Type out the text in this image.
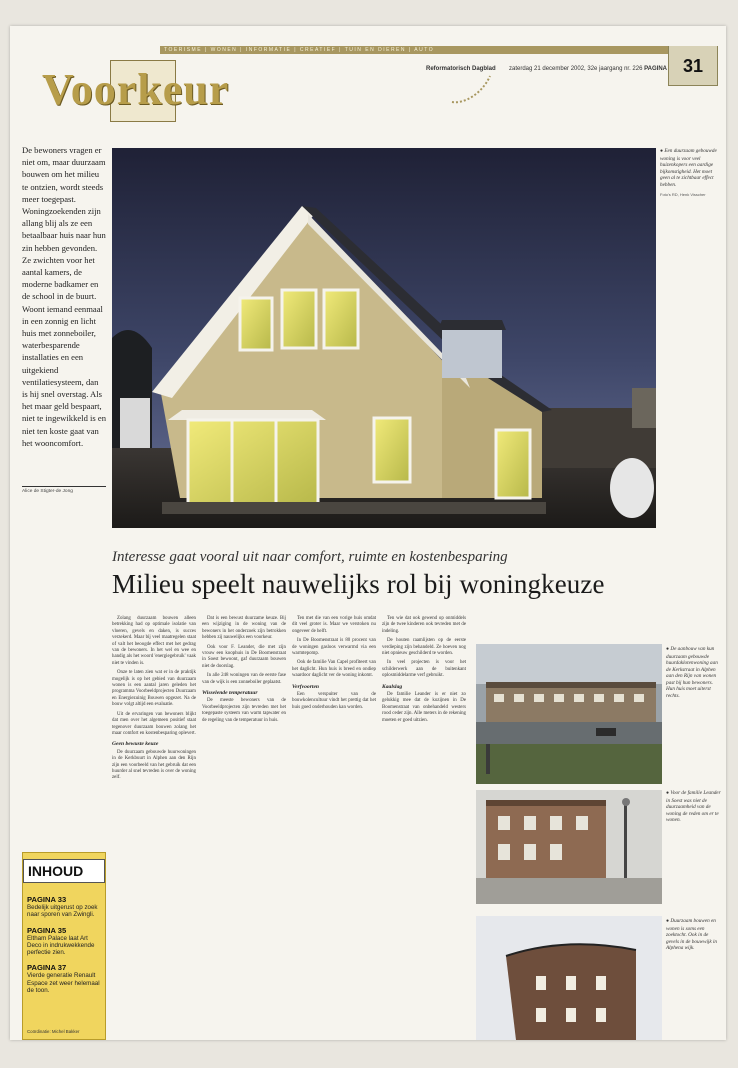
Voorkeur
TOERISME | WONEN | INFORMATIE | CREATIEF | TUIN EN DIEREN | AUTO
Reformatorisch Dagblad zaterdag 21 december 2002, 32e jaargang nr. 226 PAGINA 31
De bewoners vragen er niet om, maar duurzaam bouwen om het milieu te ontzien, wordt steeds meer toegepast. Woningzoekenden zijn allang blij als ze een betaalbaar huis naar hun zin hebben gevonden. Ze zwichten voor het aantal kamers, de moderne badkamer en de school in de buurt. Woont iemand eenmaal in een zonnig en licht huis met zonneboiler, waterbesparende installaties en een uitgekiend ventilatiesysteem, dan is hij snel overstag. Als het maar geld bespaart, niet te ingewikkeld is en niet ten koste gaat van het wooncomfort.
Alice de Stigter-de Jong
● Een duurzaam gebouwde woning is voor veel huizenkopers een aardige bijkomstigheid. Het moet geen al te zichtbaar effect hebben.
Foto's RD, Henk Visscher
Interesse gaat vooral uit naar comfort, ruimte en kostenbesparing
Milieu speelt nauwelijks rol bij woningkeuze

Zolang duurzaam bouwen alleen betrekking had op optimale isolatie van vloeren, gevels en daken, is succes verzekerd. Maar bij veel maatregelen staat of valt het beoogde effect met het gedrag van de bewoners. In het wel en wee en handig als het woord 'energiegebruik' vaak niet te vinden is.

Onze te laten zien wat er in de praktijk mogelijk is op het gebied van duurzaam wonen is een aantal jaren geleden het programma Voorbeeldprojecten Duurzaam en Energiezuinig Bouwen opgezet. Na de bouw volgt altijd een evaluatie.

Uit de ervaringen van bewoners blijkt dat men over het algemeen positief staat tegenover duurzaam bouwen zolang het maar comfort en kostenbesparing oplevert.

Geen bewuste keuze

De duurzaam gebouwde huurwoningen in de Kerkbuurt in Alphen aan den Rijn zijn een voorbeeld van het gebruik dat een huurder al snel tevreden is over de woning zelf.

Dat is een bewust duurzame keuze. Bij een wijziging in de woning van de bewoners in het onderzoek zijn betrokken hebben zij nauwelijks een voorkeur.

Ook voor F. Leander, die met zijn vrouw een koophuis in De Boomenstraat in Soest bewoont, gaf duurzaam bouwen niet de doorslag.

In alle 248 woningen van de eerste fase van de wijk is een zonneboiler geplaatst.

Wisselende temperatuur

De meeste bewoners van de Voorbeeldprojecten zijn tevreden met het toegepaste systeem van warm tapwater en de regeling van de temperatuur in huis.

Ten met die van een vorige huis omdat dit veel groter is. Maar we verstoken nu ongeveer de helft.

In De Boomenstraat is 80 procent van de woningen gasloos verwarmd via een warmtepomp.

Ook de familie Van Capel profiteert van het daglicht. Hun huis is breed en ondiep waardoor daglicht ver de woning inkomt.

Verfvoorten

Een verspuiter van de bouwkolencultuur vindt het prettig dat het huis goed onderhouden kan worden.

Ten wie dat ook gewend op onmiddels zijn de twee kinderen ook tevreden met de indeling.

De houten raamlijsten op de eerste verdieping zijn behandeld. Ze hoeven nog niet opnieuw geschilderd te worden.

In veel projecten is voor het schilderwerk aan de buitenkant oplosmiddelarme verf gebruikt.

Kaalslag

De familie Leander is er niet zo gelukkig mee dat de kozijnen in De Boomenstraat van onbehandeld westers rood ceder zijn. Alle meters in de rekening moeten er goed uitzien.

INHOUD
PAGINA 33
Bedelijk uitgerust op zoek naar sporen van Zwingli.
PAGINA 35
Eltham Palace laat Art Deco in indrukwekkende perfectie zien.
PAGINA 37
Vierde generatie Renault Espace zet weer helemaal de toon.
Coördinatie: Michel Bakker
● De aanbouw van kun duurzaam gebouwde huurdaklotenwoning aan de Kerkstraat in Alphen aan den Rijn van wonen past bij hun bewoners. Hun huis moet uiterst rechts.
● Voor de familie Leander in Soest was niet de duurzaamheid van de woning de reden om er te wonen.
● Duurzaam bouwen en wonen is soms een zoektocht. Ook in de gevels in de bouwwijk in Alphena wijk.
